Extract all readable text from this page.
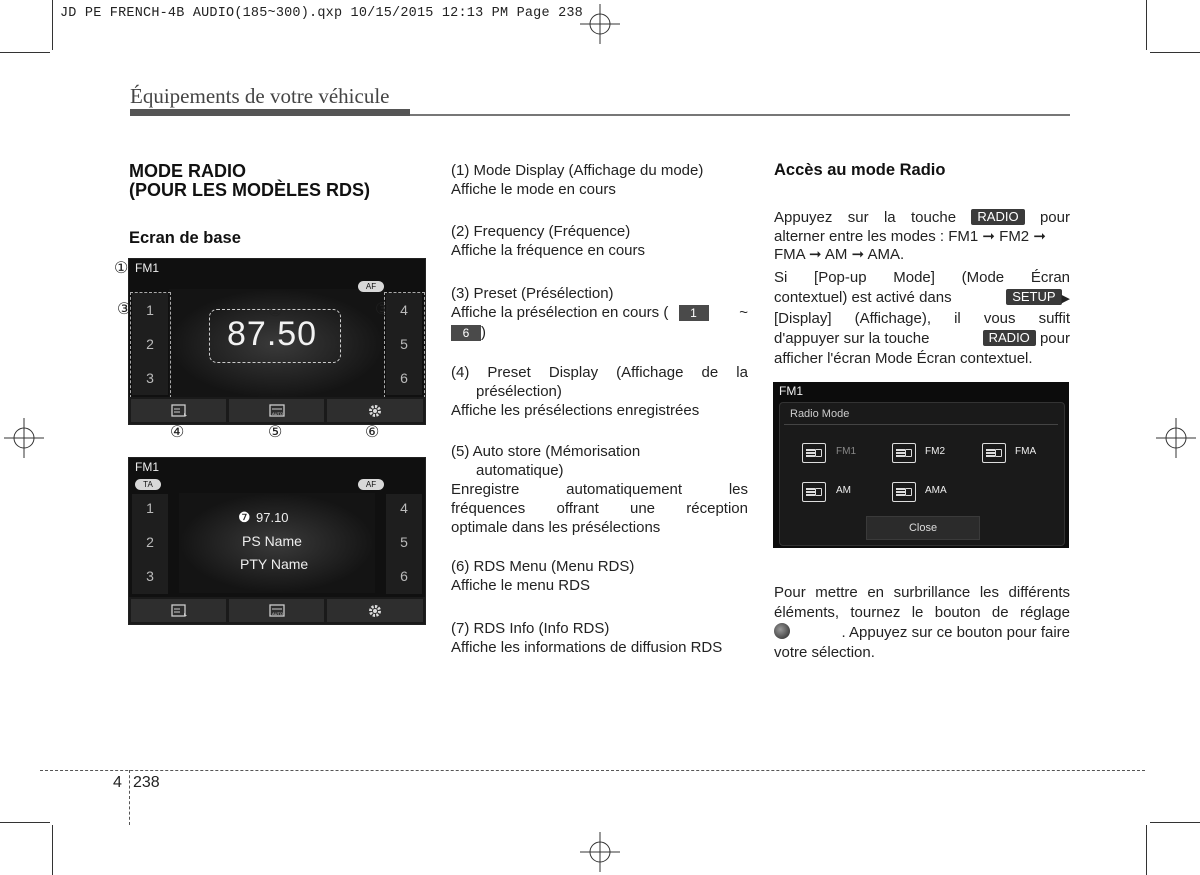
JD PE FRENCH-4B AUDIO(185~300).qxp 10/15/2015 12:13 PM Page 238
Équipements de votre véhicule
MODE RADIO
(POUR LES MODÈLES RDS)
Ecran de base
FM1
AF
1
2
3
4
5
6
87.50
AUTO
①
②
③	③
④	⑤	⑥
FM1
TA	AF
1
2
3
4
5
6
❼ 97.10
PS Name
PTY Name
AUTO
(1) Mode Display (Affichage du mode)
Affiche le mode en cours
(2) Frequency (Fréquence)
Affiche la fréquence en cours
(3) Preset (Présélection)
Affiche la présélection en cours ( 1	~
6 )
(4) Preset Display (Affichage de la
présélection)
Affiche les présélections enregistrées
(5) Auto store (Mémorisation
automatique)
Enregistre automatiquement les
fréquences offrant une réception
optimale dans les présélections
(6) RDS Menu (Menu RDS)
Affiche le menu RDS
(7) RDS Info (Info RDS)
Affiche les informations de diffusion RDS
Accès au mode Radio
Appuyez sur la touche RADIO pour
alterner entre les modes : FM1 ➞ FM2 ➞
FMA ➞ AM ➞ AMA.
Si [Pop-up Mode] (Mode Écran
contextuel) est activé dans	SETUP ▶
[Display] (Affichage), il vous suffit
d'appuyer sur la touche	RADIO pour
afficher l'écran Mode Écran contextuel.
FM1
Radio Mode
FM1	FM2	FMA
AM	AMA
Close
Pour mettre en surbrillance les différents
éléments, tournez le bouton de réglage
. Appuyez sur ce bouton pour faire
votre sélection.
4 238
